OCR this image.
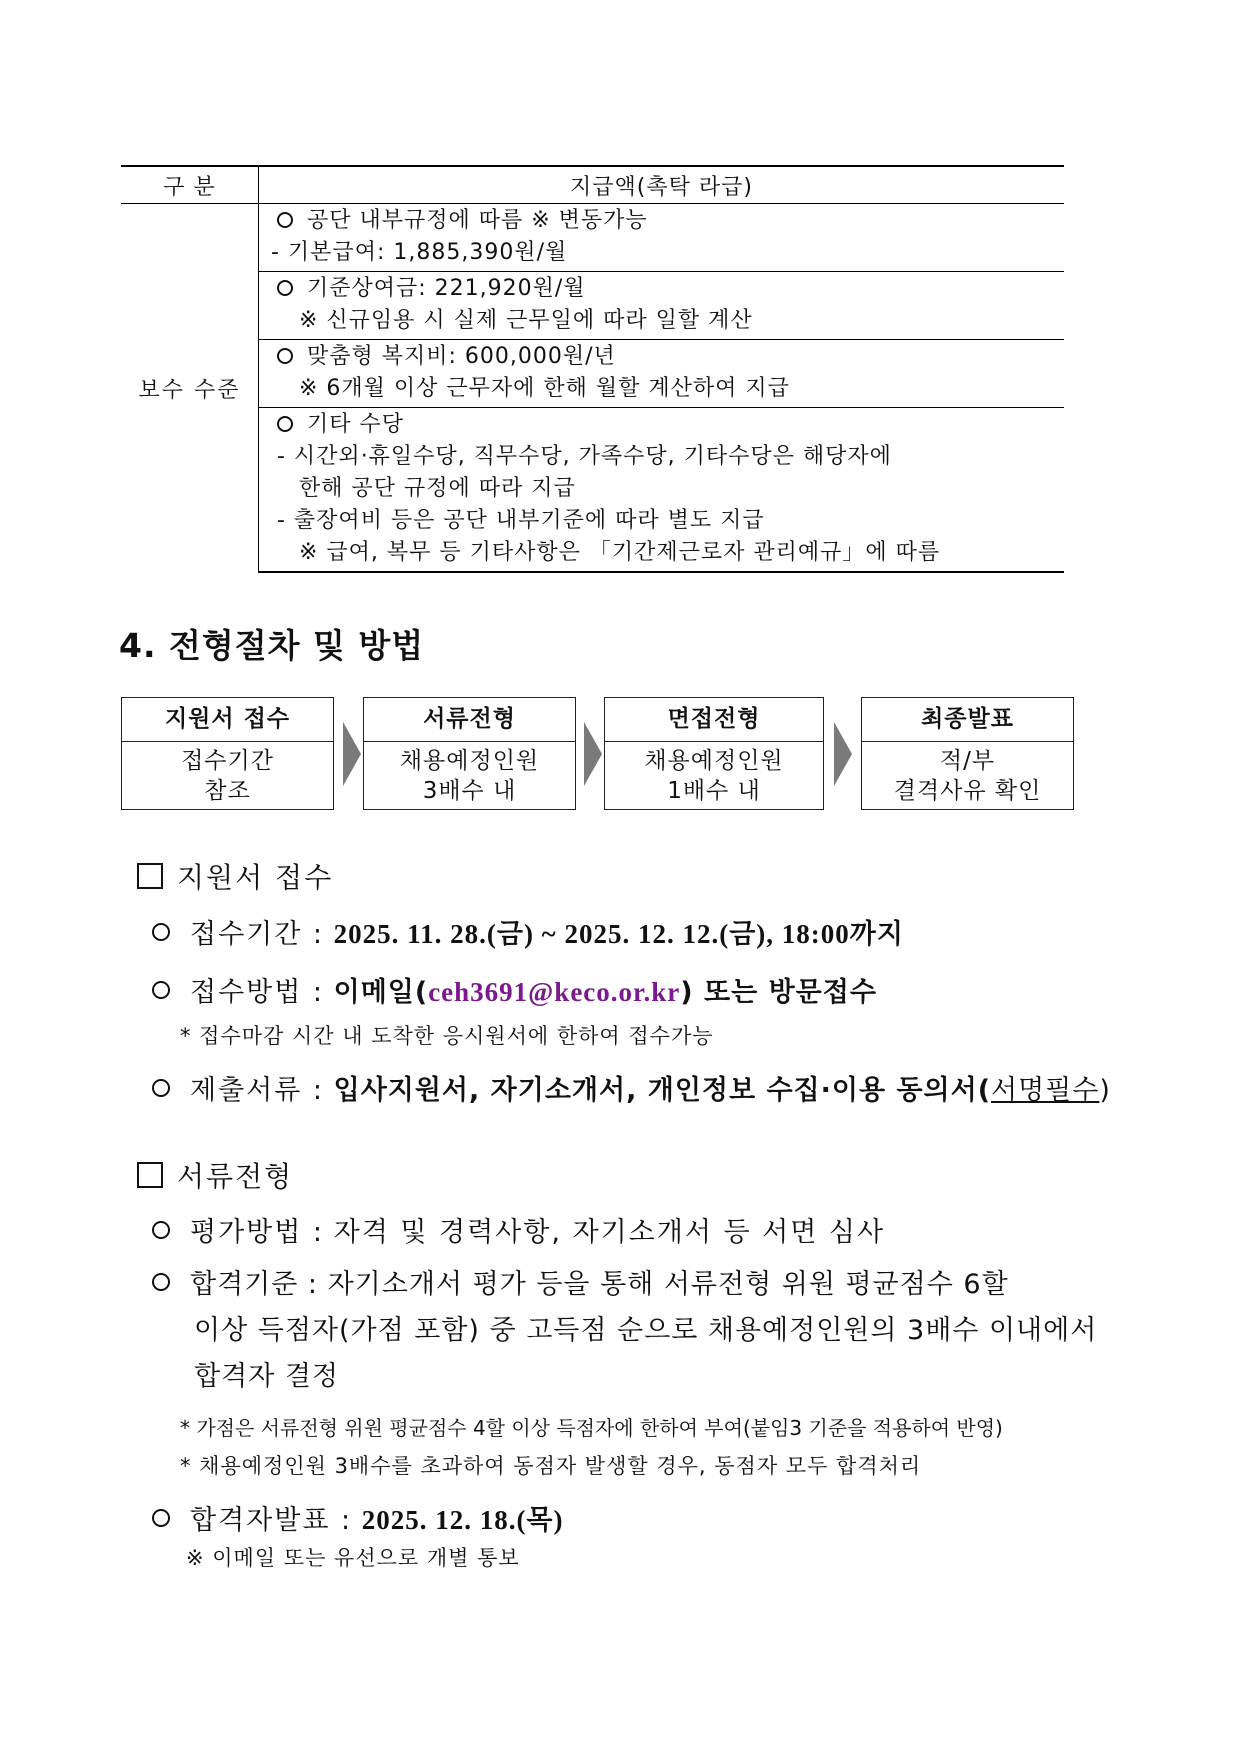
구 분	지급액(촉탁 라급)
보수 수준	공단 내부규정에 따름 ※ 변동가능
- 기본급여: 1,885,390원/월

	기준상여금: 221,920원/월
※ 신규임용 시 실제 근무일에 따라 일할 계산

	맞춤형 복지비: 600,000원/년
※ 6개월 이상 근무자에 한해 월할 계산하여 지급

	기타 수당
- 시간외·휴일수당, 직무수당, 가족수당, 기타수당은 해당자에
한해 공단 규정에 따라 지급
- 출장여비 등은 공단 내부기준에 따라 별도 지급
※ 급여, 복무 등 기타사항은 「기간제근로자 관리예규」에 따름
4. 전형절차 및 방법
지원서 접수
접수기간
참조
서류전형
채용예정인원
3배수 내
면접전형
채용예정인원
1배수 내
최종발표
적/부
결격사유 확인
지원서 접수
접수기간 : 2025. 11. 28.(금) ~ 2025. 12. 12.(금), 18:00까지
접수방법 : 이메일(ceh3691@keco.or.kr) 또는 방문접수
* 접수마감 시간 내 도착한 응시원서에 한하여 접수가능
제출서류 : 입사지원서, 자기소개서, 개인정보 수집·이용 동의서(서명필수)
서류전형
평가방법 : 자격 및 경력사항, 자기소개서 등 서면 심사
합격기준 : 자기소개서 평가 등을 통해 서류전형 위원 평균점수 6할
이상 득점자(가점 포함) 중 고득점 순으로 채용예정인원의 3배수 이내에서
합격자 결정
* 가점은 서류전형 위원 평균점수 4할 이상 득점자에 한하여 부여(붙임3 기준을 적용하여 반영)
* 채용예정인원 3배수를 초과하여 동점자 발생할 경우, 동점자 모두 합격처리
합격자발표 : 2025. 12. 18.(목)
※ 이메일 또는 유선으로 개별 통보
